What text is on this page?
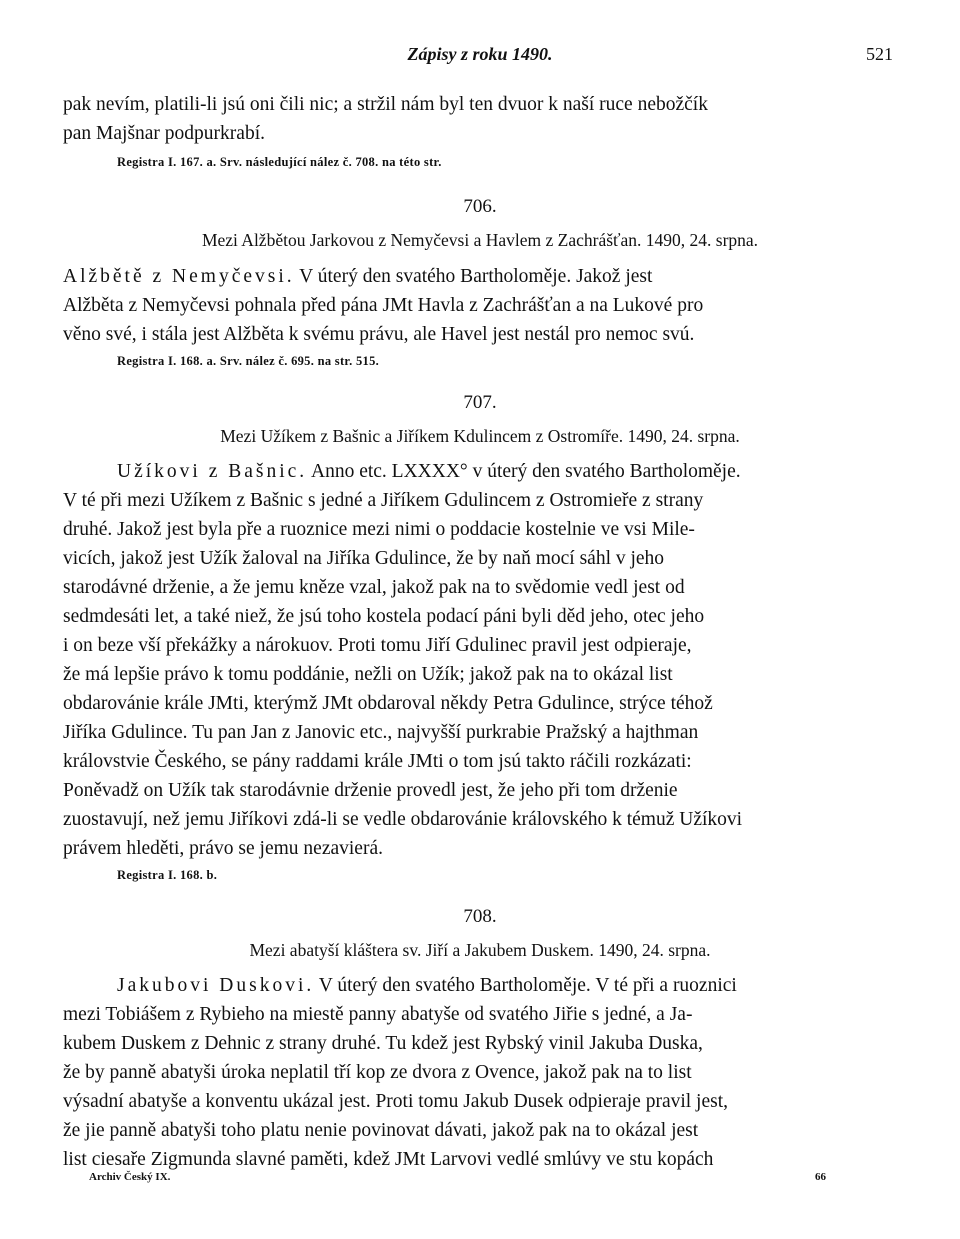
Zápisy z roku 1490.	521

pak nevím, platili-li jsú oni čili nic; a stržil nám byl ten dvuor k naší ruce nebožčík

pan Majšnar podpurkrabí.

Registra I. 167. a. Srv. následující nález č. 708. na této str.
706.
Mezi Alžbětou Jarkovou z Nemyčevsi a Havlem z Zachrášťan. 1490, 24. srpna.

Alžbětě z Nemyčevsi. V úterý den svatého Bartholoměje. Jakož jest

Alžběta z Nemyčevsi pohnala před pána JMt Havla z Zachrášťan a na Lukové pro

věno své, i stála jest Alžběta k svému právu, ale Havel jest nestál pro nemoc svú.

Registra I. 168. a. Srv. nález č. 695. na str. 515.
707.
Mezi Užíkem z Bašnic a Jiříkem Kdulincem z Ostromíře. 1490, 24. srpna.

Užíkovi z Bašnic. Anno etc. LXXXX° v úterý den svatého Bartholoměje.

V té při mezi Užíkem z Bašnic s jedné a Jiříkem Gdulincem z Ostromieře z strany

druhé. Jakož jest byla pře a ruoznice mezi nimi o poddacie kostelnie ve vsi Mile-

vicích, jakož jest Užík žaloval na Jiříka Gdulince, že by naň mocí sáhl v jeho

starodávné drženie, a že jemu kněze vzal, jakož pak na to svědomie vedl jest od

sedmdesáti let, a také niež, že jsú toho kostela podací páni byli děd jeho, otec jeho

i on beze vší překážky a nárokuov. Proti tomu Jiří Gdulinec pravil jest odpieraje,

že má lepšie právo k tomu poddánie, nežli on Užík; jakož pak na to okázal list

obdarovánie krále JMti, kterýmž JMt obdaroval někdy Petra Gdulince, strýce téhož

Jiříka Gdulince. Tu pan Jan z Janovic etc., najvyšší purkrabie Pražský a hajthman

královstvie Českého, se pány raddami krále JMti o tom jsú takto ráčili rozkázati:

Poněvadž on Užík tak starodávnie drženie provedl jest, že jeho při tom drženie

zuostavují, než jemu Jiříkovi zdá-li se vedle obdarovánie královského k témuž Užíkovi

právem hleděti, právo se jemu nezavierá.

Registra I. 168. b.
708.
Mezi abatyší kláštera sv. Jiří a Jakubem Duskem. 1490, 24. srpna.

Jakubovi Duskovi. V úterý den svatého Bartholoměje. V té při a ruoznici

mezi Tobiášem z Rybieho na miestě panny abatyše od svatého Jiřie s jedné, a Ja-

kubem Duskem z Dehnic z strany druhé. Tu kdež jest Rybský vinil Jakuba Duska,

že by panně abatyši úroka neplatil tří kop ze dvora z Ovence, jakož pak na to list

výsadní abatyše a konventu ukázal jest. Proti tomu Jakub Dusek odpieraje pravil jest,

že jie panně abatyši toho platu nenie povinovat dávati, jakož pak na to okázal jest

list ciesaře Zigmunda slavné paměti, kdež JMt Larvovi vedlé smlúvy ve stu kopách

Archiv Český IX.	66
